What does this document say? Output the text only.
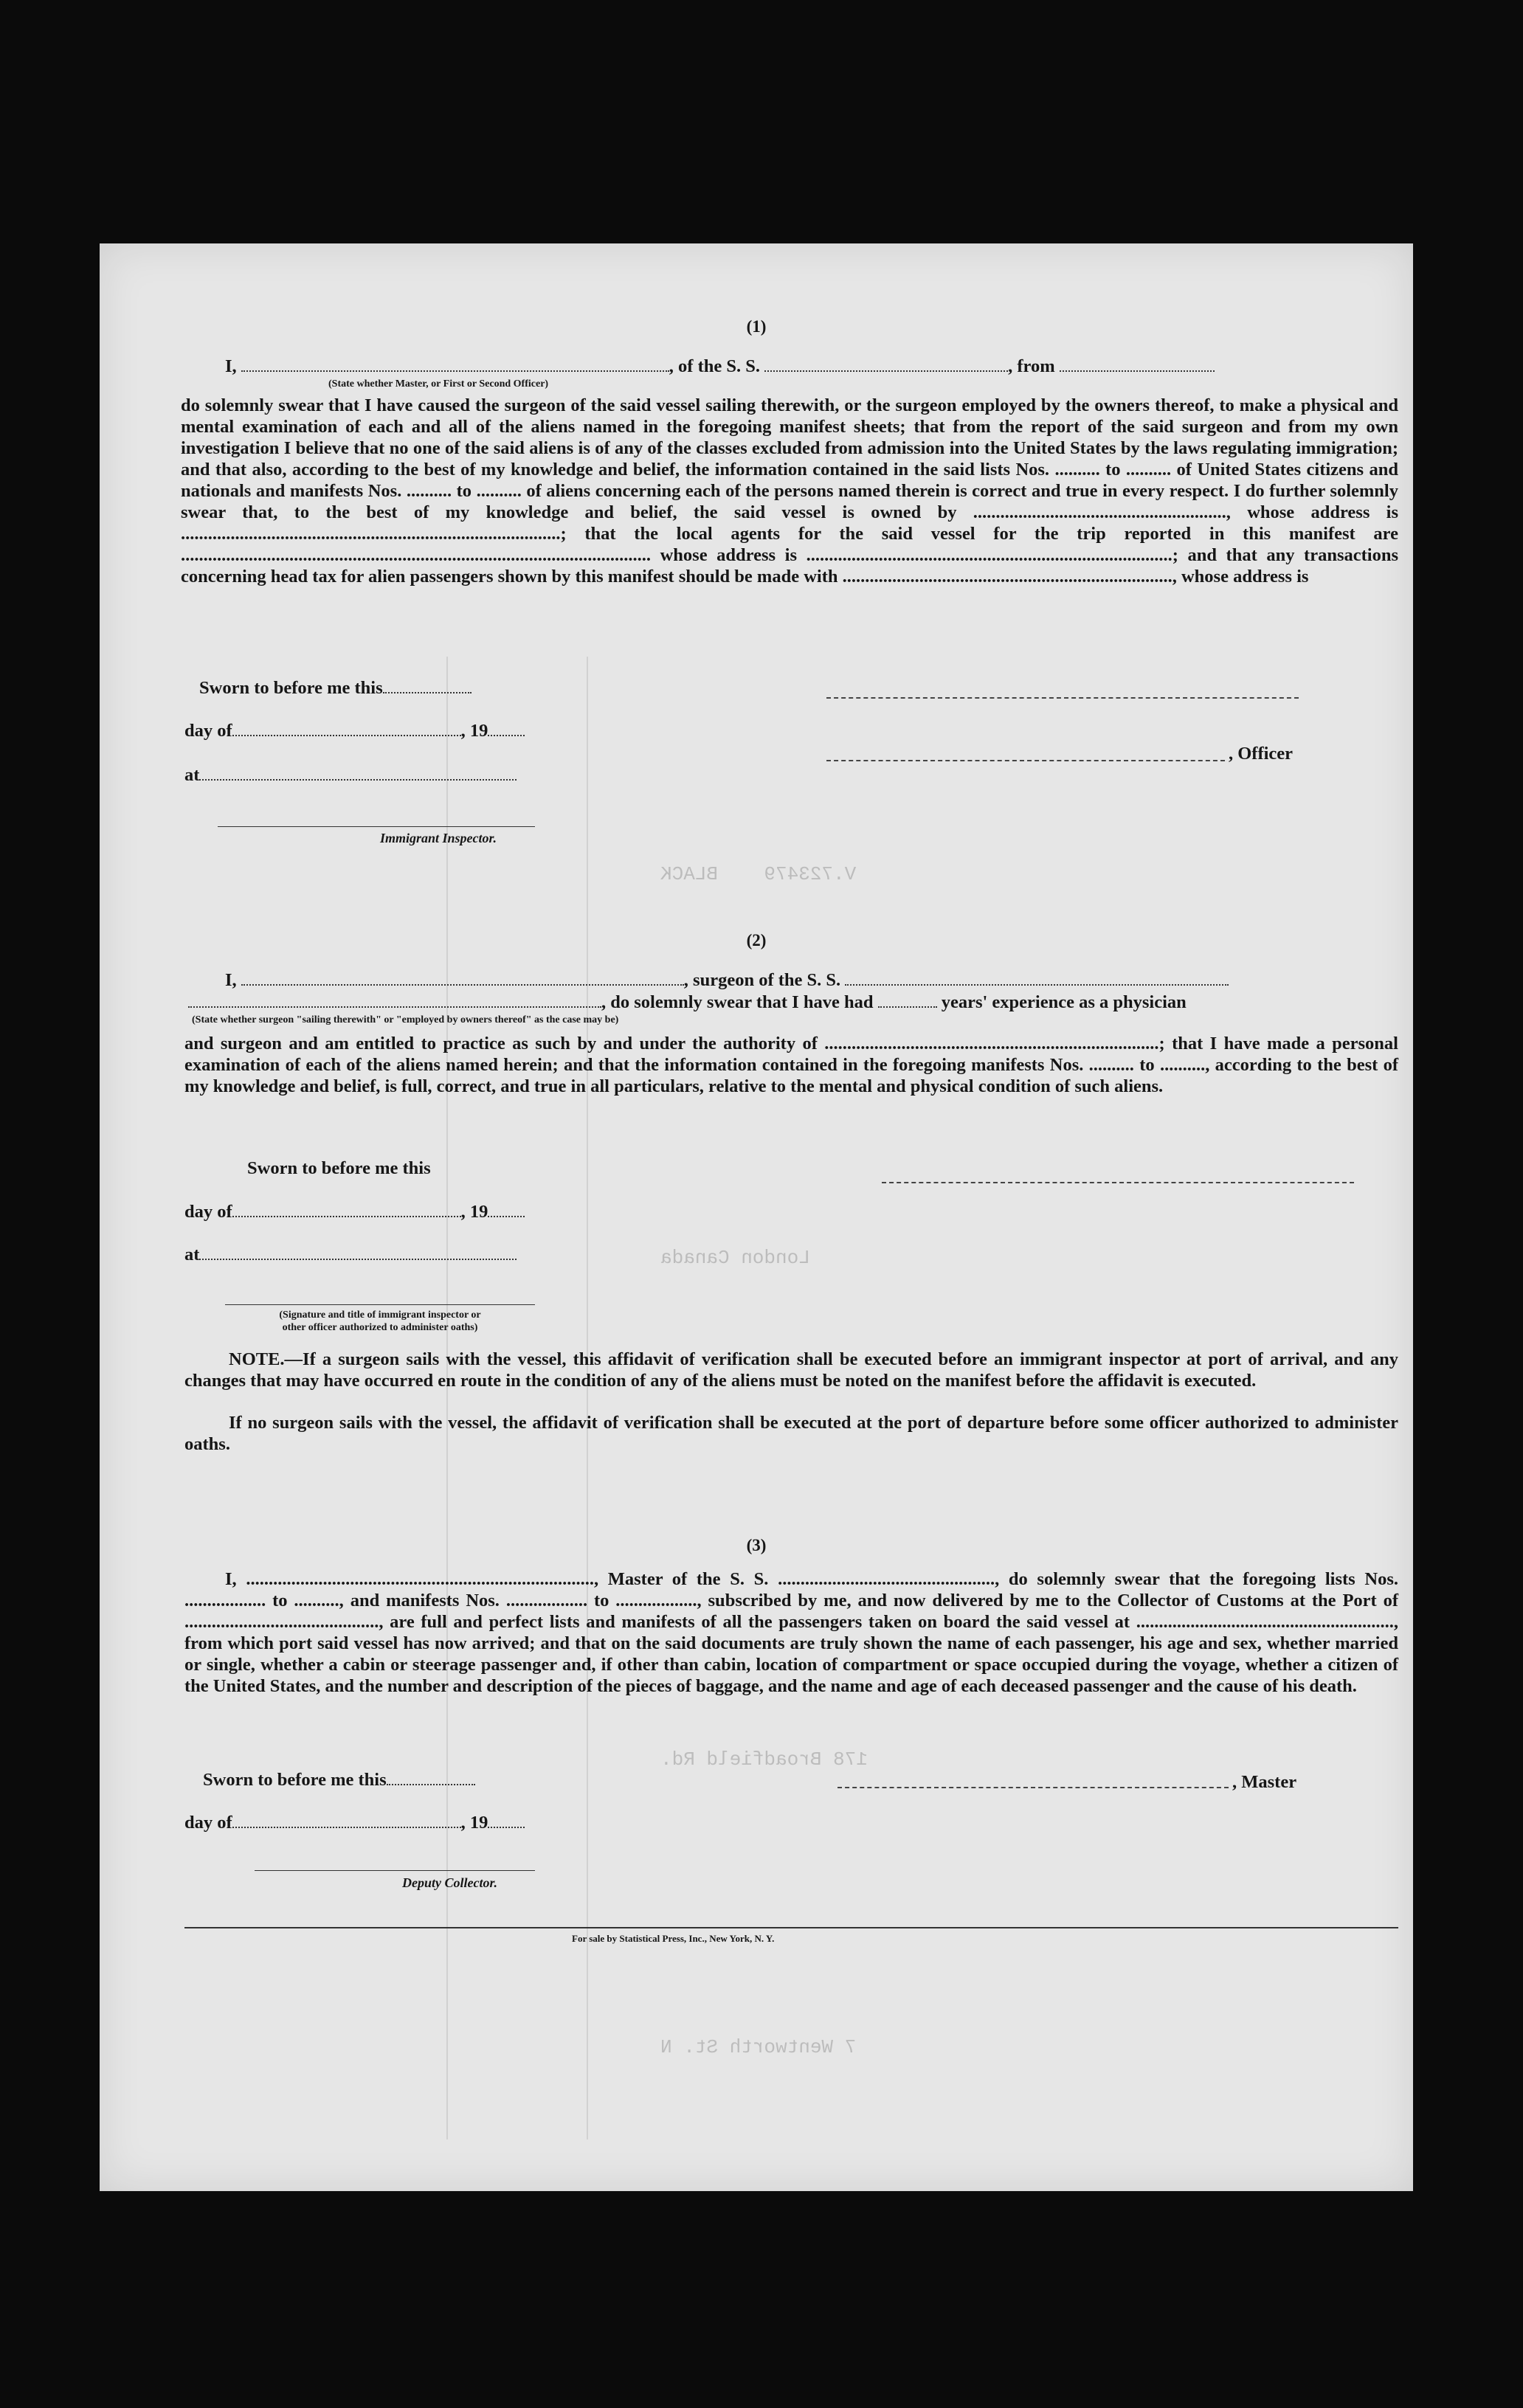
V.723479    BLACK
London Canada
178 Broadfield Rd.
7 Wentworth St. N
(1)
I,	, of the S. S.	, from
(State whether Master, or First or Second Officer)
do solemnly swear that I have caused the surgeon of the said vessel sailing therewith, or the surgeon employed by the owners thereof, to make a physical and mental examination of each and all of the aliens named in the foregoing manifest sheets; that from the report of the said surgeon and from my own investigation I believe that no one of the said aliens is of any of the classes excluded from admission into the United States by the laws regulating immigration; and that also, according to the best of my knowledge and belief, the information contained in the said lists Nos. .......... to .......... of United States citizens and nationals and manifests Nos. .......... to .......... of aliens concerning each of the persons named therein is correct and true in every respect. I do further solemnly swear that, to the best of my knowledge and belief, the said vessel is owned by ........................................................, whose address is ....................................................................................; that the local agents for the said vessel for the trip reported in this manifest are ........................................................................................................ whose address is .................................................................................; and that any transactions concerning head tax for alien passengers shown by this manifest should be made with ........................................................................., whose address is
Sworn to before me this
day of	, 19
at
Immigrant Inspector.
, Officer
(2)
I,	, surgeon of the S. S.
, do solemnly swear that I have had	years' experience as a physician
(State whether surgeon "sailing therewith" or "employed by owners thereof" as the case may be)
and surgeon and am entitled to practice as such by and under the authority of ..........................................................................; that I have made a personal examination of each of the aliens named herein; and that the information contained in the foregoing manifests Nos. .......... to .........., according to the best of my knowledge and belief, is full, correct, and true in all particulars, relative to the mental and physical condition of such aliens.
Sworn to before me this
day of	, 19
at
(Signature and title of immigrant inspector or
other officer authorized to administer oaths)
NOTE.—If a surgeon sails with the vessel, this affidavit of verification shall be executed before an immigrant inspector at port of arrival, and any changes that may have occurred en route in the condition of any of the aliens must be noted on the manifest before the affidavit is executed.
If no surgeon sails with the vessel, the affidavit of verification shall be executed at the port of departure before some officer authorized to administer oaths.
(3)
I, ............................................................................., Master of the S. S. ................................................, do solemnly swear that the foregoing lists Nos. .................. to .........., and manifests Nos. .................. to .................., subscribed by me, and now delivered by me to the Collector of Customs at the Port of ..........................................., are full and perfect lists and manifests of all the passengers taken on board the said vessel at ........................................................., from which port said vessel has now arrived; and that on the said documents are truly shown the name of each passenger, his age and sex, whether married or single, whether a cabin or steerage passenger and, if other than cabin, location of compartment or space occupied during the voyage, whether a citizen of the United States, and the number and description of the pieces of baggage, and the name and age of each deceased passenger and the cause of his death.
Sworn to before me this
day of	, 19
Deputy Collector.
, Master
For sale by Statistical Press, Inc., New York, N. Y.
